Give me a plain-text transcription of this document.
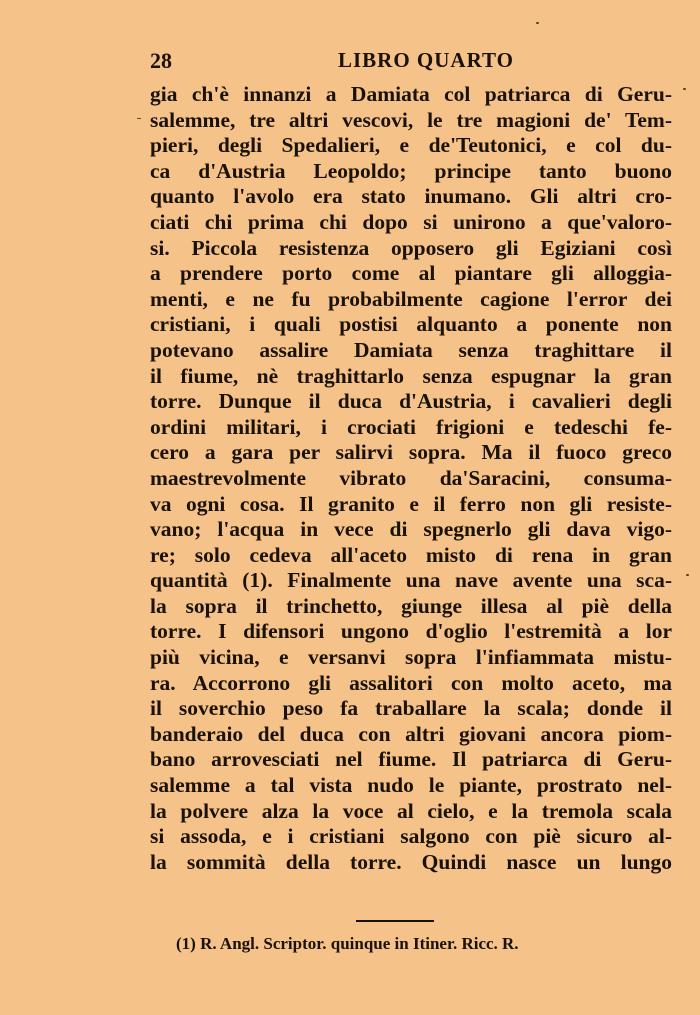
28	LIBRO QUARTO
gia ch'è innanzi a Damiata col patriarca di Geru-
salemme, tre altri vescovi, le tre magioni de' Tem-
pieri, degli Spedalieri, e de'Teutonici, e col du-
ca d'Austria Leopoldo; principe tanto buono
quanto l'avolo era stato inumano. Gli altri cro-
ciati chi prima chi dopo si unirono a que'valoro-
si. Piccola resistenza opposero gli Egiziani così
a prendere porto come al piantare gli alloggia-
menti, e ne fu probabilmente cagione l'error dei
cristiani, i quali postisi alquanto a ponente non
potevano assalire Damiata senza traghittare il
il fiume, nè traghittarlo senza espugnar la gran
torre. Dunque il duca d'Austria, i cavalieri degli
ordini militari, i crociati frigioni e tedeschi fe-
cero a gara per salirvi sopra. Ma il fuoco greco
maestrevolmente vibrato da'Saracini, consuma-
va ogni cosa. Il granito e il ferro non gli resiste-
vano; l'acqua in vece di spegnerlo gli dava vigo-
re; solo cedeva all'aceto misto di rena in gran
quantità (1). Finalmente una nave avente una sca-
la sopra il trinchetto, giunge illesa al piè della
torre. I difensori ungono d'oglio l'estremità a lor
più vicina, e versanvi sopra l'infiammata mistu-
ra. Accorrono gli assalitori con molto aceto, ma
il soverchio peso fa traballare la scala; donde il
banderaio del duca con altri giovani ancora piom-
bano arrovesciati nel fiume. Il patriarca di Geru-
salemme a tal vista nudo le piante, prostrato nel-
la polvere alza la voce al cielo, e la tremola scala
si assoda, e i cristiani salgono con piè sicuro al-
la sommità della torre. Quindi nasce un lungo
(1) R. Angl. Scriptor. quinque in Itiner. Ricc. R.
